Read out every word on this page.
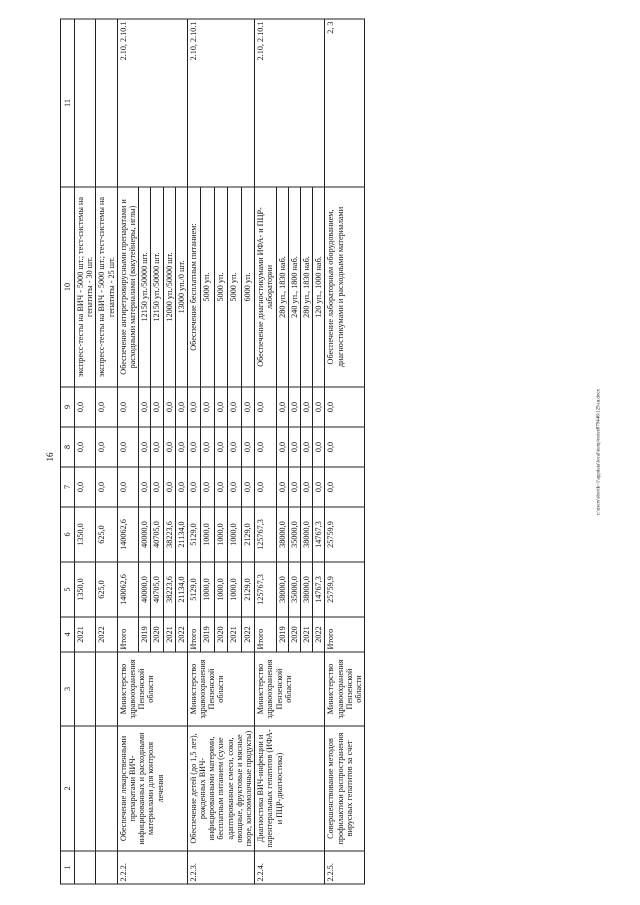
16
1	2	3	4	5	6	7	8	9	10	11
			2021	1350,0	1350,0	0,0	0,0	0,0	экспресс-тесты на ВИЧ - 5000 шт.; тест-системы на гепатиты - 30 шт.	
			2022	625,0	625,0	0,0	0,0	0,0	экспресс-тесты на ВИЧ - 5000 шт.; тест-системы на гепатиты - 25 шт.	
2.2.2.	Обеспечение лекарственными препаратами ВИЧ-инфицированных и расходными материалами для контроля лечения	Министерство здравоохранения Пензенской области	Итого	140062,6	140062,6	0,0	0,0	0,0	Обеспечение антиретровирусными препаратами и расходными материалами (вакутейнеры, иглы)	2.10, 2.10.1
			2019	40000,0	40000,0	0,0	0,0	0,0	12150 уп./50000 шт.	
			2020	40705,0	40705,0	0,0	0,0	0,0	12150 уп./50000 шт.	
			2021	38223,6	38223,6	0,0	0,0	0,0	12000 уп./50000 шт.	
			2022	21134,0	21134,0	0,0	0,0	0,0	13000 уп./0 шт.	
2.2.3.	Обеспечение детей (до 1,5 лет), рожденных ВИЧ-инфицированными матерями, бесплатным питанием (сухие адаптированные смеси, соки, овощные, фруктовые и мясные пюре, кисломолочные продукты)	Министерство здравоохранения Пензенской области	Итого	5129,0	5129,0	0,0	0,0	0,0	Обеспечение бесплатным питанием:	2.10, 2.10.1
			2019	1000,0	1000,0	0,0	0,0	0,0	5000 уп.	
			2020	1000,0	1000,0	0,0	0,0	0,0	5000 уп.	
			2021	1000,0	1000,0	0,0	0,0	0,0	5000 уп.	
			2022	2129,0	2129,0	0,0	0,0	0,0	6000 уп.	
2.2.4.	Диагностика ВИЧ-инфекции и парентеральных гепатитов (ИФА- и ПЦР-диагностика)	Министерство здравоохранения Пензенской области	Итого	125767,3	125767,3	0,0	0,0	0,0	Обеспечение диагностикумами ИФА- и ПЦР-лаборатории	2.10, 2.10.1
			2019	38000,0	38000,0	0,0	0,0	0,0	280 уп., 1830 наб.	
			2020	35000,0	35000,0	0,0	0,0	0,0	240 уп., 1800 наб.	
			2021	38000,0	38000,0	0,0	0,0	0,0	280 уп., 1830 наб.	
			2022	14767,3	14767,3	0,0	0,0	0,0	120 уп., 1000 наб.	
2.2.5.	Совершенствование методов профилактики распространения вирусных гепатитов за счет	Министерство здравоохранения Пензенской области	Итого	25759,9	25759,9	0,0	0,0	0,0	Обеспечение лабораторным оборудованием, диагностикумами и расходными материалами	2, 3
c:\users\sborik~1\appdata\local\temp\notes879446\129-ш.docx
